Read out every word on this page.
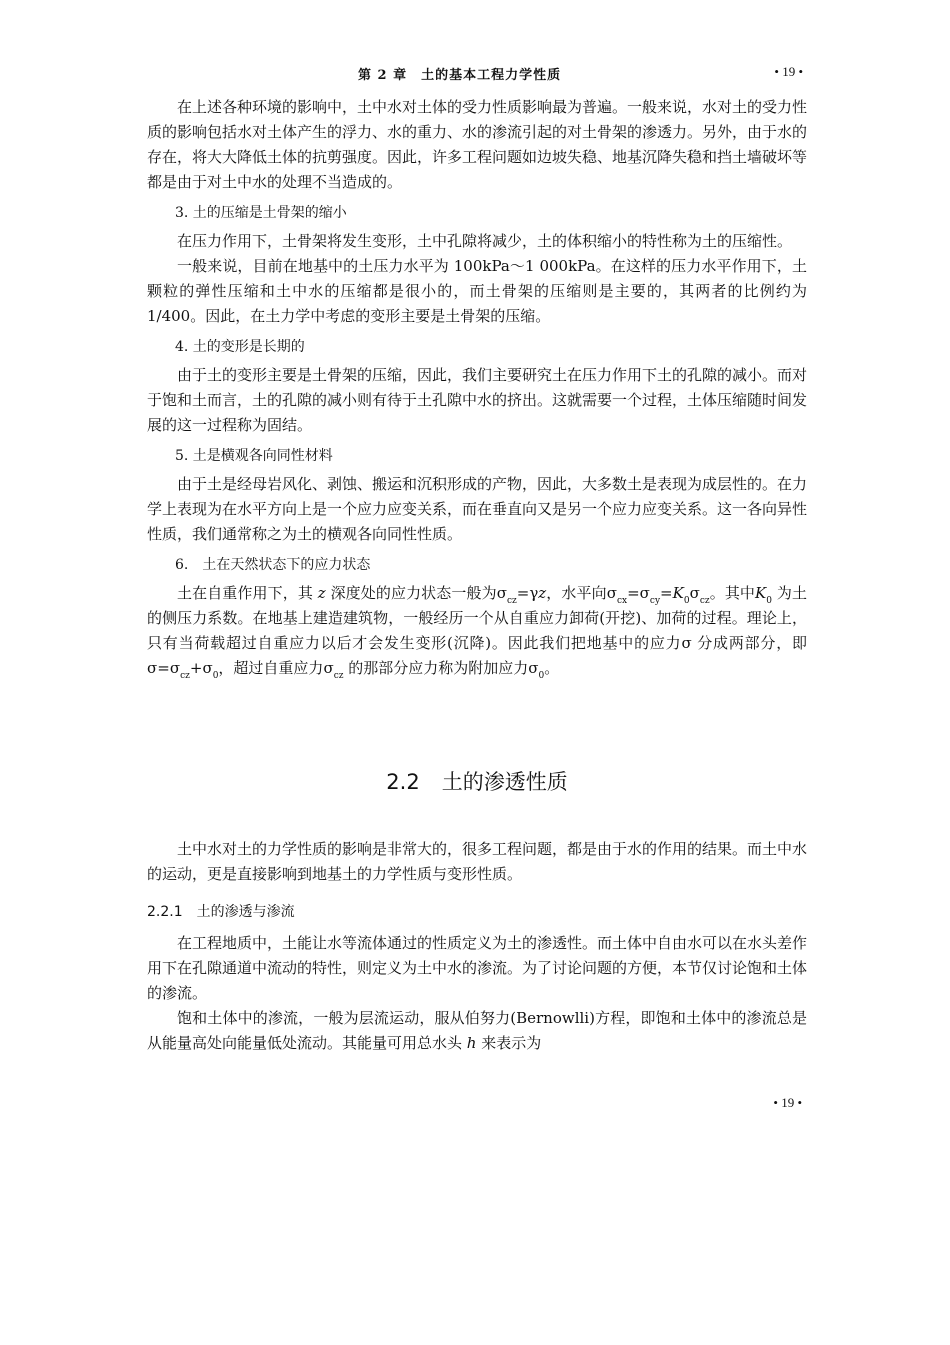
第 2 章　土的基本工程力学性质	• 19 •

在上述各种环境的影响中，土中水对土体的受力性质影响最为普遍。一般来说，水对土的受力性质的影响包括水对土体产生的浮力、水的重力、水的渗流引起的对土骨架的渗透力。另外，由于水的存在，将大大降低土体的抗剪强度。因此，许多工程问题如边坡失稳、地基沉降失稳和挡土墙破坏等都是由于对土中水的处理不当造成的。

3. 土的压缩是土骨架的缩小

在压力作用下，土骨架将发生变形，土中孔隙将减少，土的体积缩小的特性称为土的压缩性。

一般来说，目前在地基中的土压力水平为 100kPa～1 000kPa。在这样的压力水平作用下，土颗粒的弹性压缩和土中水的压缩都是很小的，而土骨架的压缩则是主要的，其两者的比例约为 1/400。因此，在土力学中考虑的变形主要是土骨架的压缩。

4. 土的变形是长期的

由于土的变形主要是土骨架的压缩，因此，我们主要研究土在压力作用下土的孔隙的减小。而对于饱和土而言，土的孔隙的减小则有待于土孔隙中水的挤出。这就需要一个过程，土体压缩随时间发展的这一过程称为固结。

5. 土是横观各向同性材料

由于土是经母岩风化、剥蚀、搬运和沉积形成的产物，因此，大多数土是表现为成层性的。在力学上表现为在水平方向上是一个应力应变关系，而在垂直向又是另一个应力应变关系。这一各向异性性质，我们通常称之为土的横观各向同性性质。

6.　土在天然状态下的应力状态

土在自重作用下，其 z 深度处的应力状态一般为$\sigma_{cz}=\gamma z$，水平向$\sigma_{cx}=\sigma_{cy}=K_0\sigma_{cz}$。其中$K_0$ 为土的侧压力系数。在地基上建造建筑物，一般经历一个从自重应力卸荷(开挖)、加荷的过程。理论上，只有当荷载超过自重应力以后才会发生变形(沉降)。因此我们把地基中的应力σ 分成两部分，即$\sigma=\sigma_{cz}+\sigma_0$，超过自重应力$\sigma_{cz}$ 的那部分应力称为附加应力$\sigma_0$。

2.2 土的渗透性质

土中水对土的力学性质的影响是非常大的，很多工程问题，都是由于水的作用的结果。而土中水的运动，更是直接影响到地基土的力学性质与变形性质。

2.2.1 土的渗透与渗流

在工程地质中，土能让水等流体通过的性质定义为土的渗透性。而土体中自由水可以在水头差作用下在孔隙通道中流动的特性，则定义为土中水的渗流。为了讨论问题的方便，本节仅讨论饱和土体的渗流。

饱和土体中的渗流，一般为层流运动，服从伯努力(Bernowlli)方程，即饱和土体中的渗流总是从能量高处向能量低处流动。其能量可用总水头 h 来表示为

• 19 •
